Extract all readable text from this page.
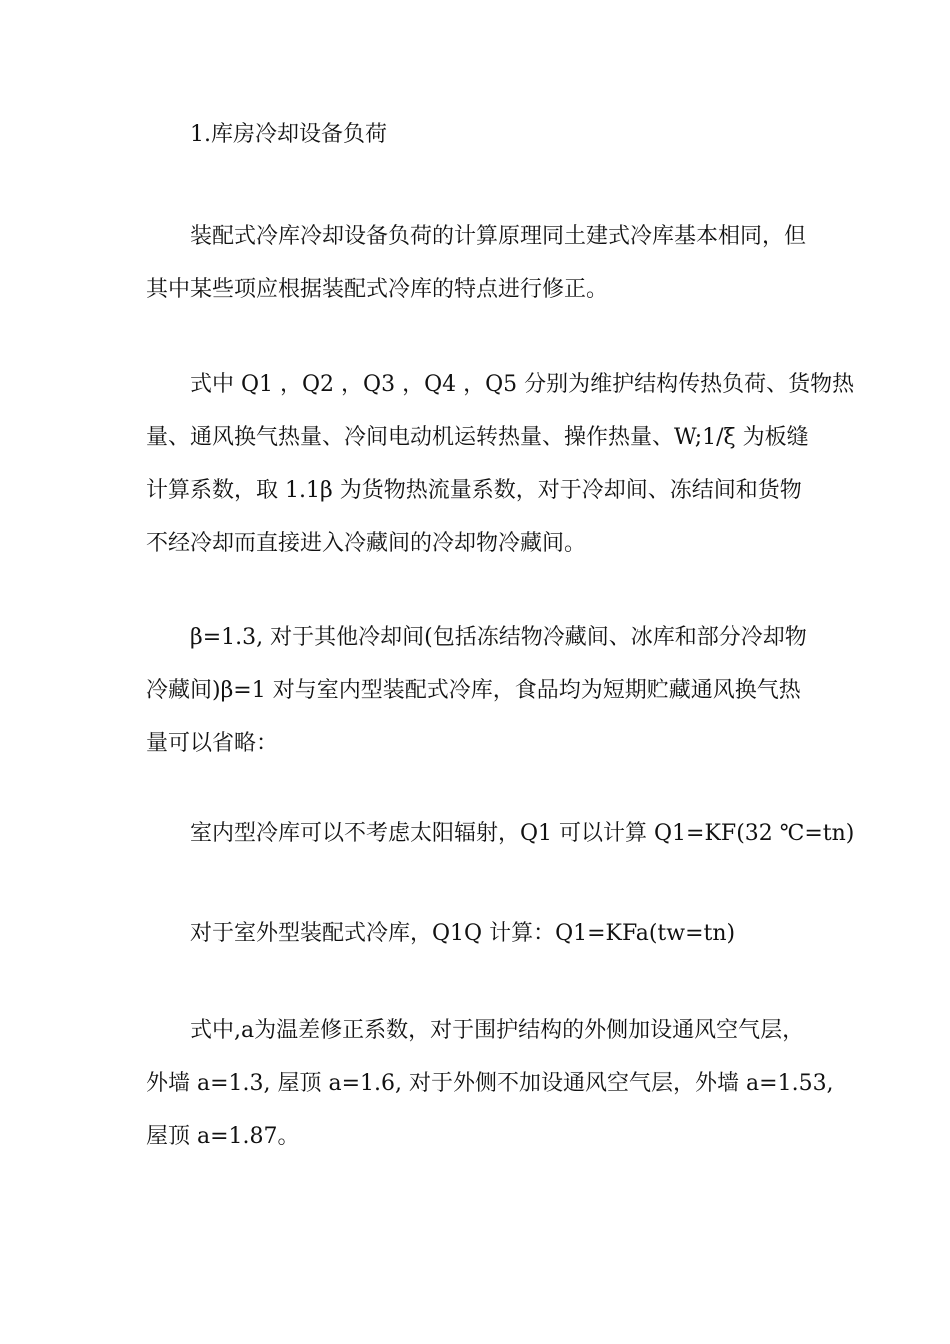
1.库房冷却设备负荷
装配式冷库冷却设备负荷的计算原理同土建式冷库基本相同，但
其中某些项应根据装配式冷库的特点进行修正。
式中 Q1 ，Q2 ，Q3 ，Q4 ，Q5 分别为维护结构传热负荷、货物热
量、通风换气热量、冷间电动机运转热量、操作热量、W;1/ξ 为板缝
计算系数，取 1.1β 为货物热流量系数，对于冷却间、冻结间和货物
不经冷却而直接进入冷藏间的冷却物冷藏间。
β=1.3, 对于其他冷却间(包括冻结物冷藏间、冰库和部分冷却物
冷藏间)β=1 对与室内型装配式冷库，食品均为短期贮藏通风换气热
量可以省略：
室内型冷库可以不考虑太阳辐射，Q1 可以计算 Q1=KF(32 ℃=tn)
对于室外型装配式冷库，Q1Q 计算：Q1=KFa(tw=tn)
式中,a为温差修正系数，对于围护结构的外侧加设通风空气层，
外墙 a=1.3, 屋顶 a=1.6, 对于外侧不加设通风空气层，外墙 a=1.53,
屋顶 a=1.87。
